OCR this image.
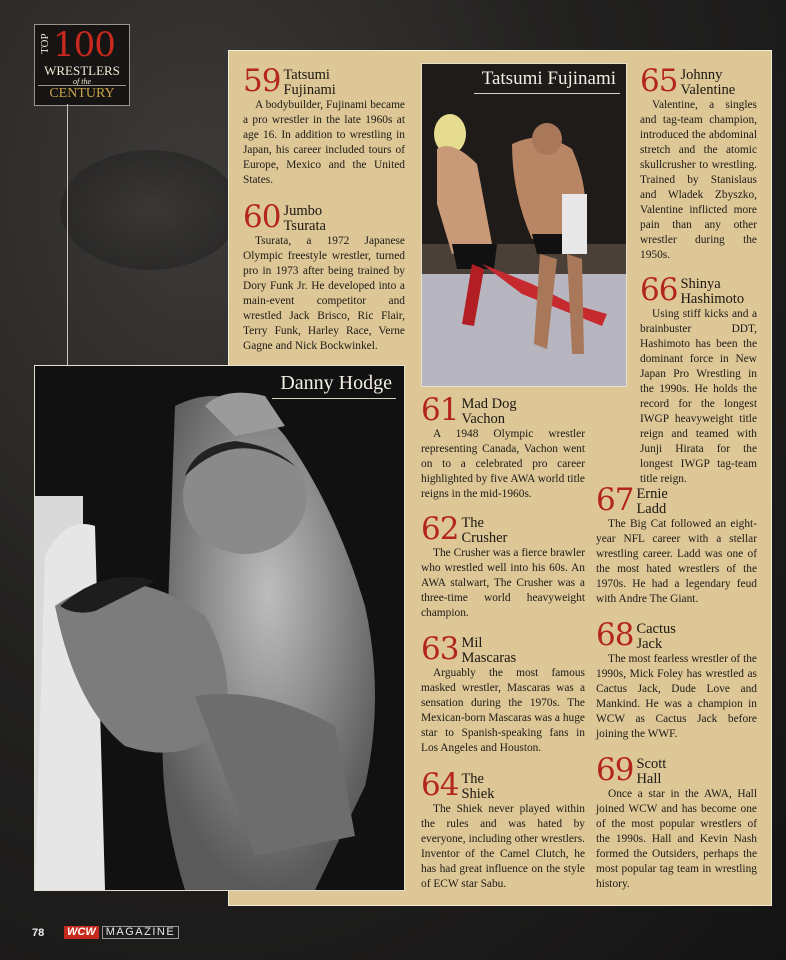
TOP 100
WRESTLERS
of the
CENTURY
Danny Hodge
Tatsumi Fujinami
59 Tatsumi
Fujinami

A bodybuilder, Fujinami became a pro wrestler in the late 1960s at age 16. In addition to wrestling in Japan, his career included tours of Europe, Mexico and the United States.

60 Jumbo
Tsurata

Tsurata, a 1972 Japanese Olympic freestyle wrestler, turned pro in 1973 after being trained by Dory Funk Jr. He developed into a main-event competitor and wrestled Jack Brisco, Ric Flair, Terry Funk, Harley Race, Verne Gagne and Nick Bockwinkel.

61 Mad Dog
Vachon

A 1948 Olympic wrestler representing Canada, Vachon went on to a celebrated pro career highlighted by five AWA world title reigns in the mid-1960s.

62 The
Crusher

The Crusher was a fierce brawler who wrestled well into his 60s. An AWA stalwart, The Crusher was a three-time world heavyweight champion.

63 Mil
Mascaras

Arguably the most famous masked wrestler, Mascaras was a sensation during the 1970s. The Mexican-born Mascaras was a huge star to Spanish-speaking fans in Los Angeles and Houston.

64 The
Shiek

The Shiek never played within the rules and was hated by everyone, including other wrestlers. Inventor of the Camel Clutch, he has had great influence on the style of ECW star Sabu.

65 Johnny
Valentine

Valentine, a singles and tag-team champion, introduced the abdominal stretch and the atomic skullcrusher to wrestling. Trained by Stanislaus and Wladek Zbyszko, Valentine inflicted more pain than any other wrestler during the 1950s.

66 Shinya
Hashimoto

Using stiff kicks and a brainbuster DDT, Hashimoto has been the dominant force in New Japan Pro Wrestling in the 1990s. He holds the record for the longest IWGP heavyweight title reign and teamed with Junji Hirata for the longest IWGP tag-team title reign.

67 Ernie
Ladd

The Big Cat followed an eight-year NFL career with a stellar wrestling career. Ladd was one of the most hated wrestlers of the 1970s. He had a legendary feud with Andre The Giant.

68 Cactus
Jack

The most fearless wrestler of the 1990s, Mick Foley has wrestled as Cactus Jack, Dude Love and Mankind. He was a champion in WCW as Cactus Jack before joining the WWF.

69 Scott
Hall

Once a star in the AWA, Hall joined WCW and has become one of the most popular wrestlers of the 1990s. Hall and Kevin Nash formed the Outsiders, perhaps the most popular tag team in wrestling history.

78 WCW MAGAZINE
